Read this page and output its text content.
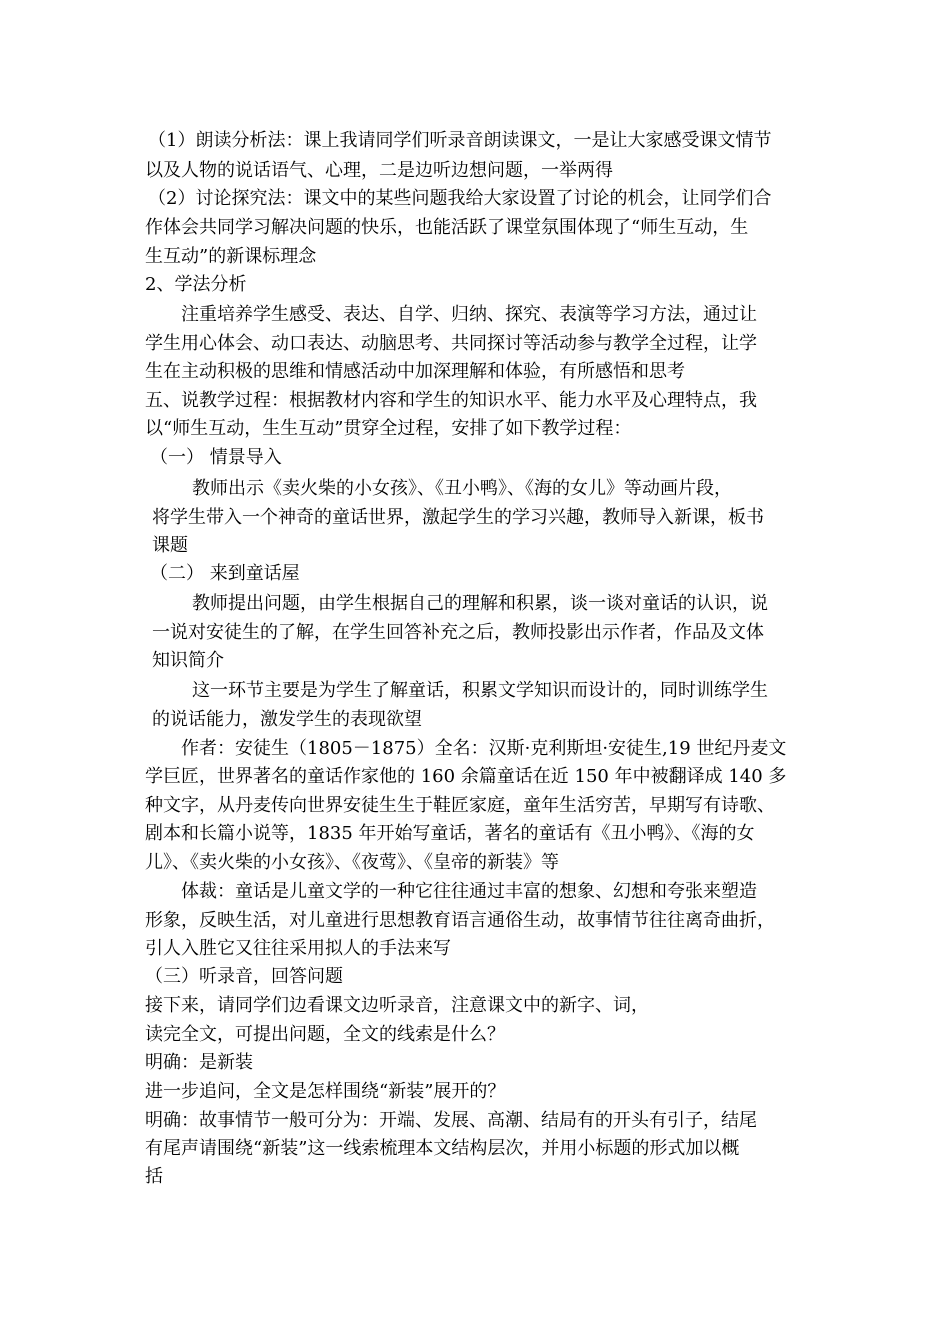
（1）朗读分析法：课上我请同学们听录音朗读课文，一是让大家感受课文情节
以及人物的说话语气、心理，二是边听边想问题，一举两得
（2）讨论探究法：课文中的某些问题我给大家设置了讨论的机会，让同学们合
作体会共同学习解决问题的快乐，也能活跃了课堂氛围体现了“师生互动，生
生互动”的新课标理念
2、学法分析
注重培养学生感受、表达、自学、归纳、探究、表演等学习方法，通过让
学生用心体会、动口表达、动脑思考、共同探讨等活动参与教学全过程，让学
生在主动积极的思维和情感活动中加深理解和体验，有所感悟和思考
五、说教学过程：根据教材内容和学生的知识水平、能力水平及心理特点，我
以“师生互动，生生互动”贯穿全过程，安排了如下教学过程：
（一） 情景导入
教师出示《卖火柴的小女孩》、《丑小鸭》、《海的女儿》等动画片段，
将学生带入一个神奇的童话世界，激起学生的学习兴趣，教师导入新课，板书
课题
（二） 来到童话屋
教师提出问题，由学生根据自己的理解和积累，谈一谈对童话的认识，说
一说对安徒生的了解，在学生回答补充之后，教师投影出示作者，作品及文体
知识简介
这一环节主要是为学生了解童话，积累文学知识而设计的，同时训练学生
的说话能力，激发学生的表现欲望
作者：安徒生（1805－1875）全名：汉斯·克利斯坦·安徒生,19 世纪丹麦文
学巨匠，世界著名的童话作家他的 160 余篇童话在近 150 年中被翻译成 140 多
种文字，从丹麦传向世界安徒生生于鞋匠家庭，童年生活穷苦，早期写有诗歌、
剧本和长篇小说等，1835 年开始写童话，著名的童话有《丑小鸭》、《海的女
儿》、《卖火柴的小女孩》、《夜莺》、《皇帝的新装》等
体裁：童话是儿童文学的一种它往往通过丰富的想象、幻想和夸张来塑造
形象，反映生活，对儿童进行思想教育语言通俗生动，故事情节往往离奇曲折，
引人入胜它又往往采用拟人的手法来写
（三）听录音，回答问题
接下来，请同学们边看课文边听录音，注意课文中的新字、词，
读完全文，可提出问题，全文的线索是什么？
明确：是新装
进一步追问，全文是怎样围绕“新装”展开的？
明确：故事情节一般可分为：开端、发展、高潮、结局有的开头有引子，结尾
有尾声请围绕“新装”这一线索梳理本文结构层次，并用小标题的形式加以概
括
